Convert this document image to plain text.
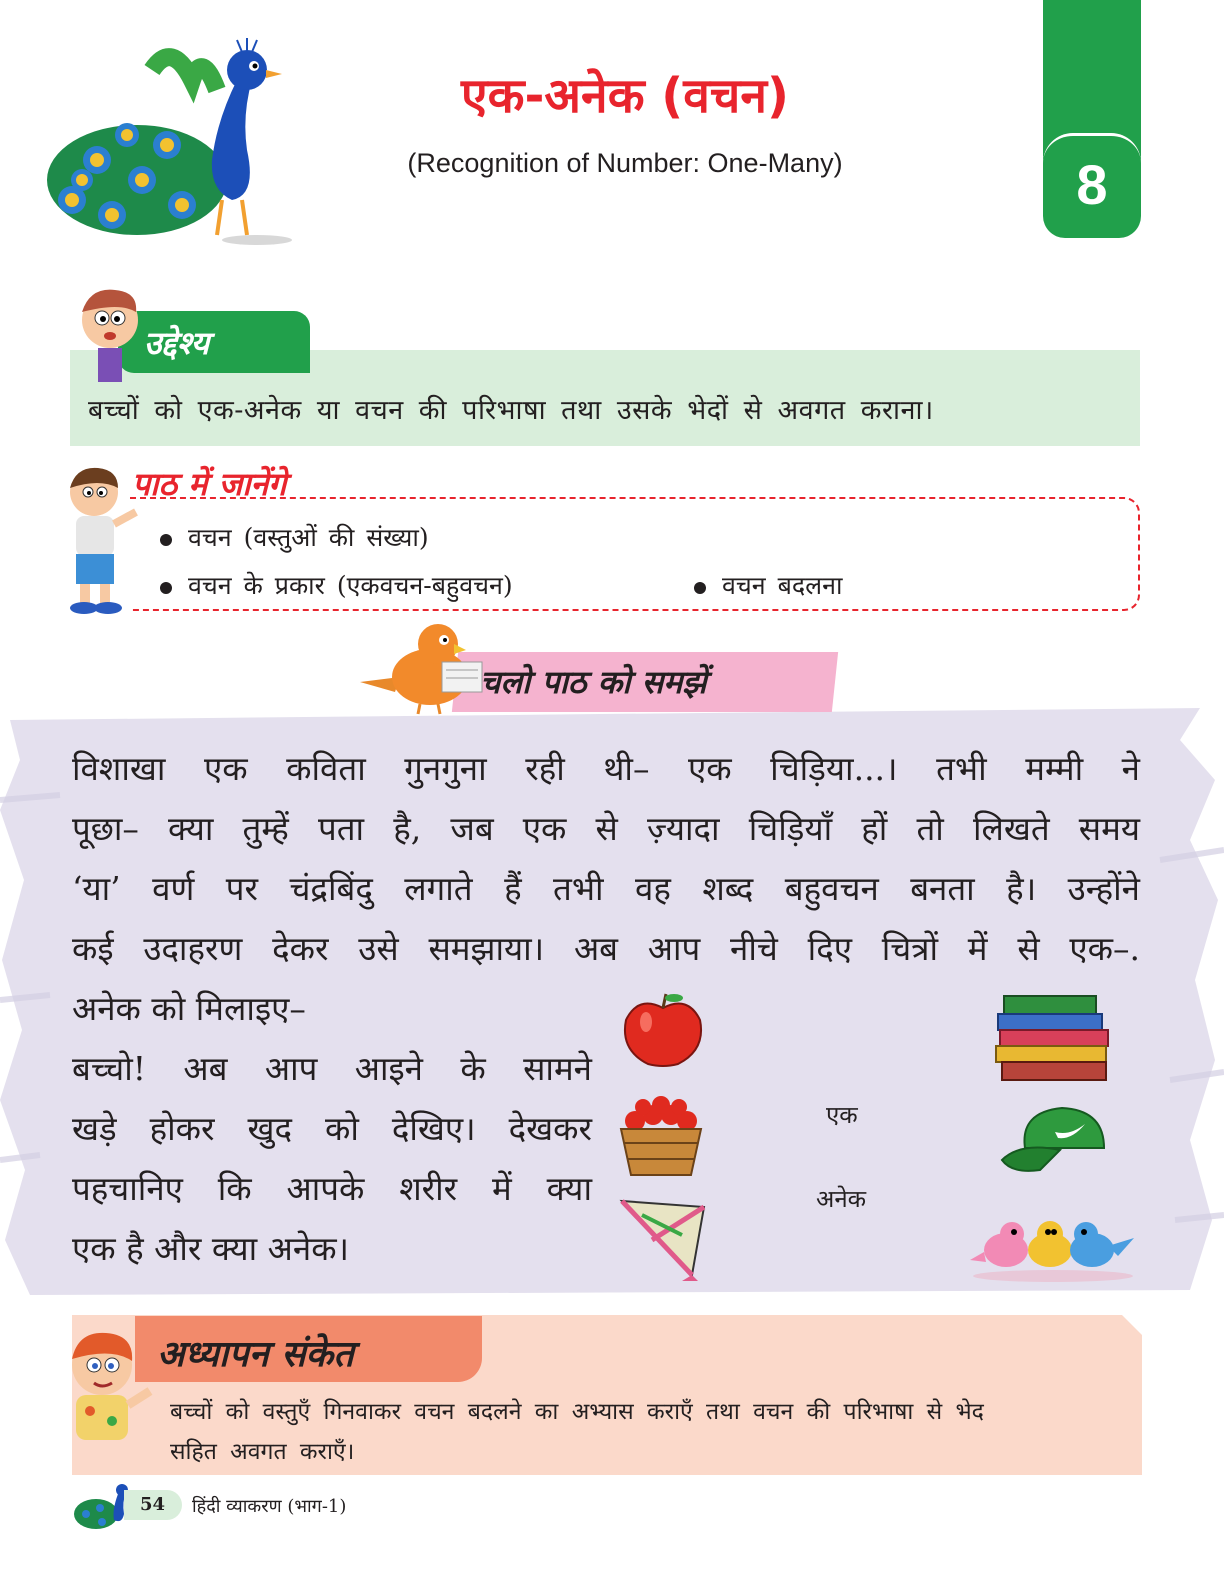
एक-अनेक (वचन)
(Recognition of Number: One-Many)	8
उद्देश्य
बच्चों को एक-अनेक या वचन की परिभाषा तथा उसके भेदों से अवगत कराना।
पाठ में जानेंगे
वचन (वस्तुओं की संख्या)
वचन के प्रकार (एकवचन-बहुवचन)	वचन बदलना
चलो पाठ को समझें
विशाखा एक कविता गुनगुना रही थी– एक चिड़िया...। तभी मम्मी ने
पूछा– क्या तुम्हें पता है, जब एक से ज़्यादा चिड़ियाँ हों तो लिखते समय
‘या’ वर्ण पर चंद्रबिंदु लगाते हैं तभी वह शब्द बहुवचन बनता है। उन्होंने
कई उदाहरण देकर उसे समझाया। अब आप नीचे दिए चित्रों में से एक–.
अनेक को मिलाइए–
बच्चो! अब आप आइने के सामने
खड़े होकर खुद को देखिए। देखकर
पहचानिए कि आपके शरीर में क्या
एक है और क्या अनेक।
एक
अनेक
अध्यापन संकेत
बच्चों को वस्तुएँ गिनवाकर वचन बदलने का अभ्यास कराएँ तथा वचन की परिभाषा से भेद
सहित अवगत कराएँ।
54 हिंदी व्याकरण (भाग-1)
